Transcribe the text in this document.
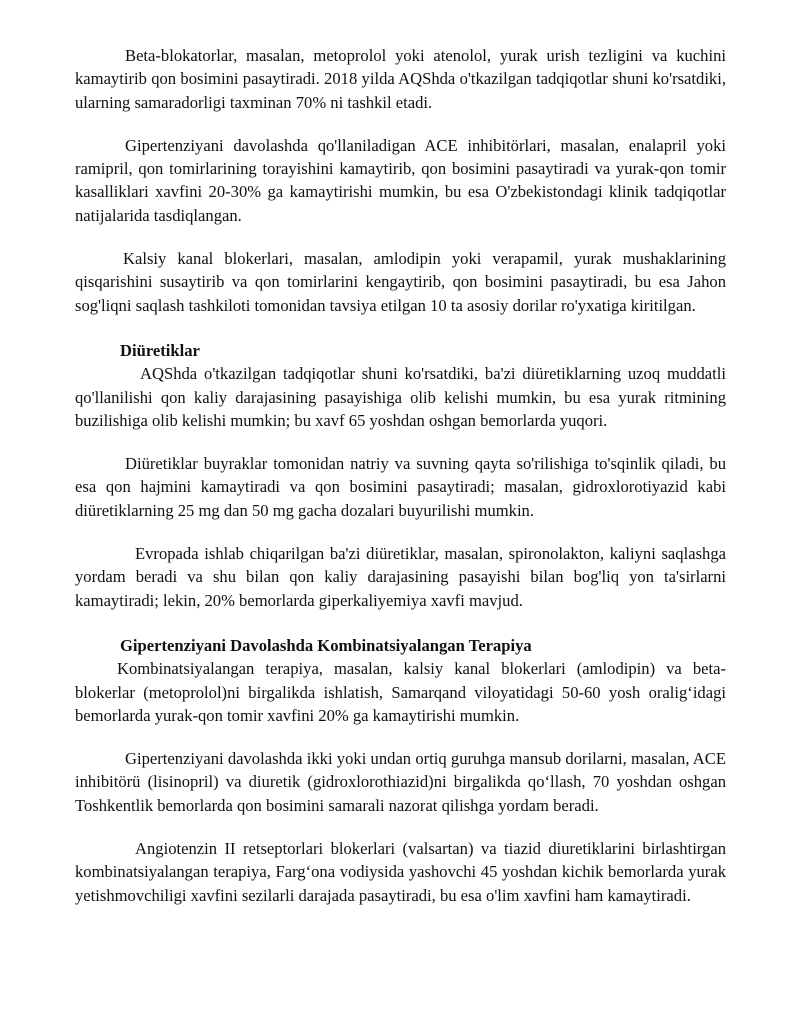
Beta-blokatorlar, masalan, metoprolol yoki atenolol, yurak urish tezligini va kuchini kamaytirib qon bosimini pasaytiradi. 2018 yilda AQShda o'tkazilgan tadqiqotlar shuni ko'rsatdiki, ularning samaradorligi taxminan 70% ni tashkil etadi.

Gipertenziyani davolashda qo'llaniladigan ACE inhibitörlari, masalan, enalapril yoki ramipril, qon tomirlarining torayishini kamaytirib, qon bosimini pasaytiradi va yurak-qon tomir kasalliklari xavfini 20-30% ga kamaytirishi mumkin, bu esa O'zbekistondagi klinik tadqiqotlar natijalarida tasdiqlangan.

Kalsiy kanal blokerlari, masalan, amlodipin yoki verapamil, yurak mushaklarining qisqarishini susaytirib va qon tomirlarini kengaytirib, qon bosimini pasaytiradi, bu esa Jahon sog'liqni saqlash tashkiloti tomonidan tavsiya etilgan 10 ta asosiy dorilar ro'yxatiga kiritilgan.

Diüretiklar

AQShda o'tkazilgan tadqiqotlar shuni ko'rsatdiki, ba'zi diüretiklarning uzoq muddatli qo'llanilishi qon kaliy darajasining pasayishiga olib kelishi mumkin, bu esa yurak ritmining buzilishiga olib kelishi mumkin; bu xavf 65 yoshdan oshgan bemorlarda yuqori.

Diüretiklar buyraklar tomonidan natriy va suvning qayta so'rilishiga to'sqinlik qiladi, bu esa qon hajmini kamaytiradi va qon bosimini pasaytiradi; masalan, gidroxlorotiyazid kabi diüretiklarning 25 mg dan 50 mg gacha dozalari buyurilishi mumkin.

Evropada ishlab chiqarilgan ba'zi diüretiklar, masalan, spironolakton, kaliyni saqlashga yordam beradi va shu bilan qon kaliy darajasining pasayishi bilan bog'liq yon ta'sirlarni kamaytiradi; lekin, 20% bemorlarda giperkaliyemiya xavfi mavjud.

Gipertenziyani Davolashda Kombinatsiyalangan Terapiya

Kombinatsiyalangan terapiya, masalan, kalsiy kanal blokerlari (amlodipin) va beta-blokerlar (metoprolol)ni birgalikda ishlatish, Samarqand viloyatidagi 50-60 yosh oralig‘idagi bemorlarda yurak-qon tomir xavfini 20% ga kamaytirishi mumkin.

Gipertenziyani davolashda ikki yoki undan ortiq guruhga mansub dorilarni, masalan, ACE inhibitörü (lisinopril) va diuretik (gidroxlorothiazid)ni birgalikda qo‘llash, 70 yoshdan oshgan Toshkentlik bemorlarda qon bosimini samarali nazorat qilishga yordam beradi.

Angiotenzin II retseptorlari blokerlari (valsartan) va tiazid diuretiklarini birlashtirgan kombinatsiyalangan terapiya, Farg‘ona vodiysida yashovchi 45 yoshdan kichik bemorlarda yurak yetishmovchiligi xavfini sezilarli darajada pasaytiradi, bu esa o'lim xavfini ham kamaytiradi.
